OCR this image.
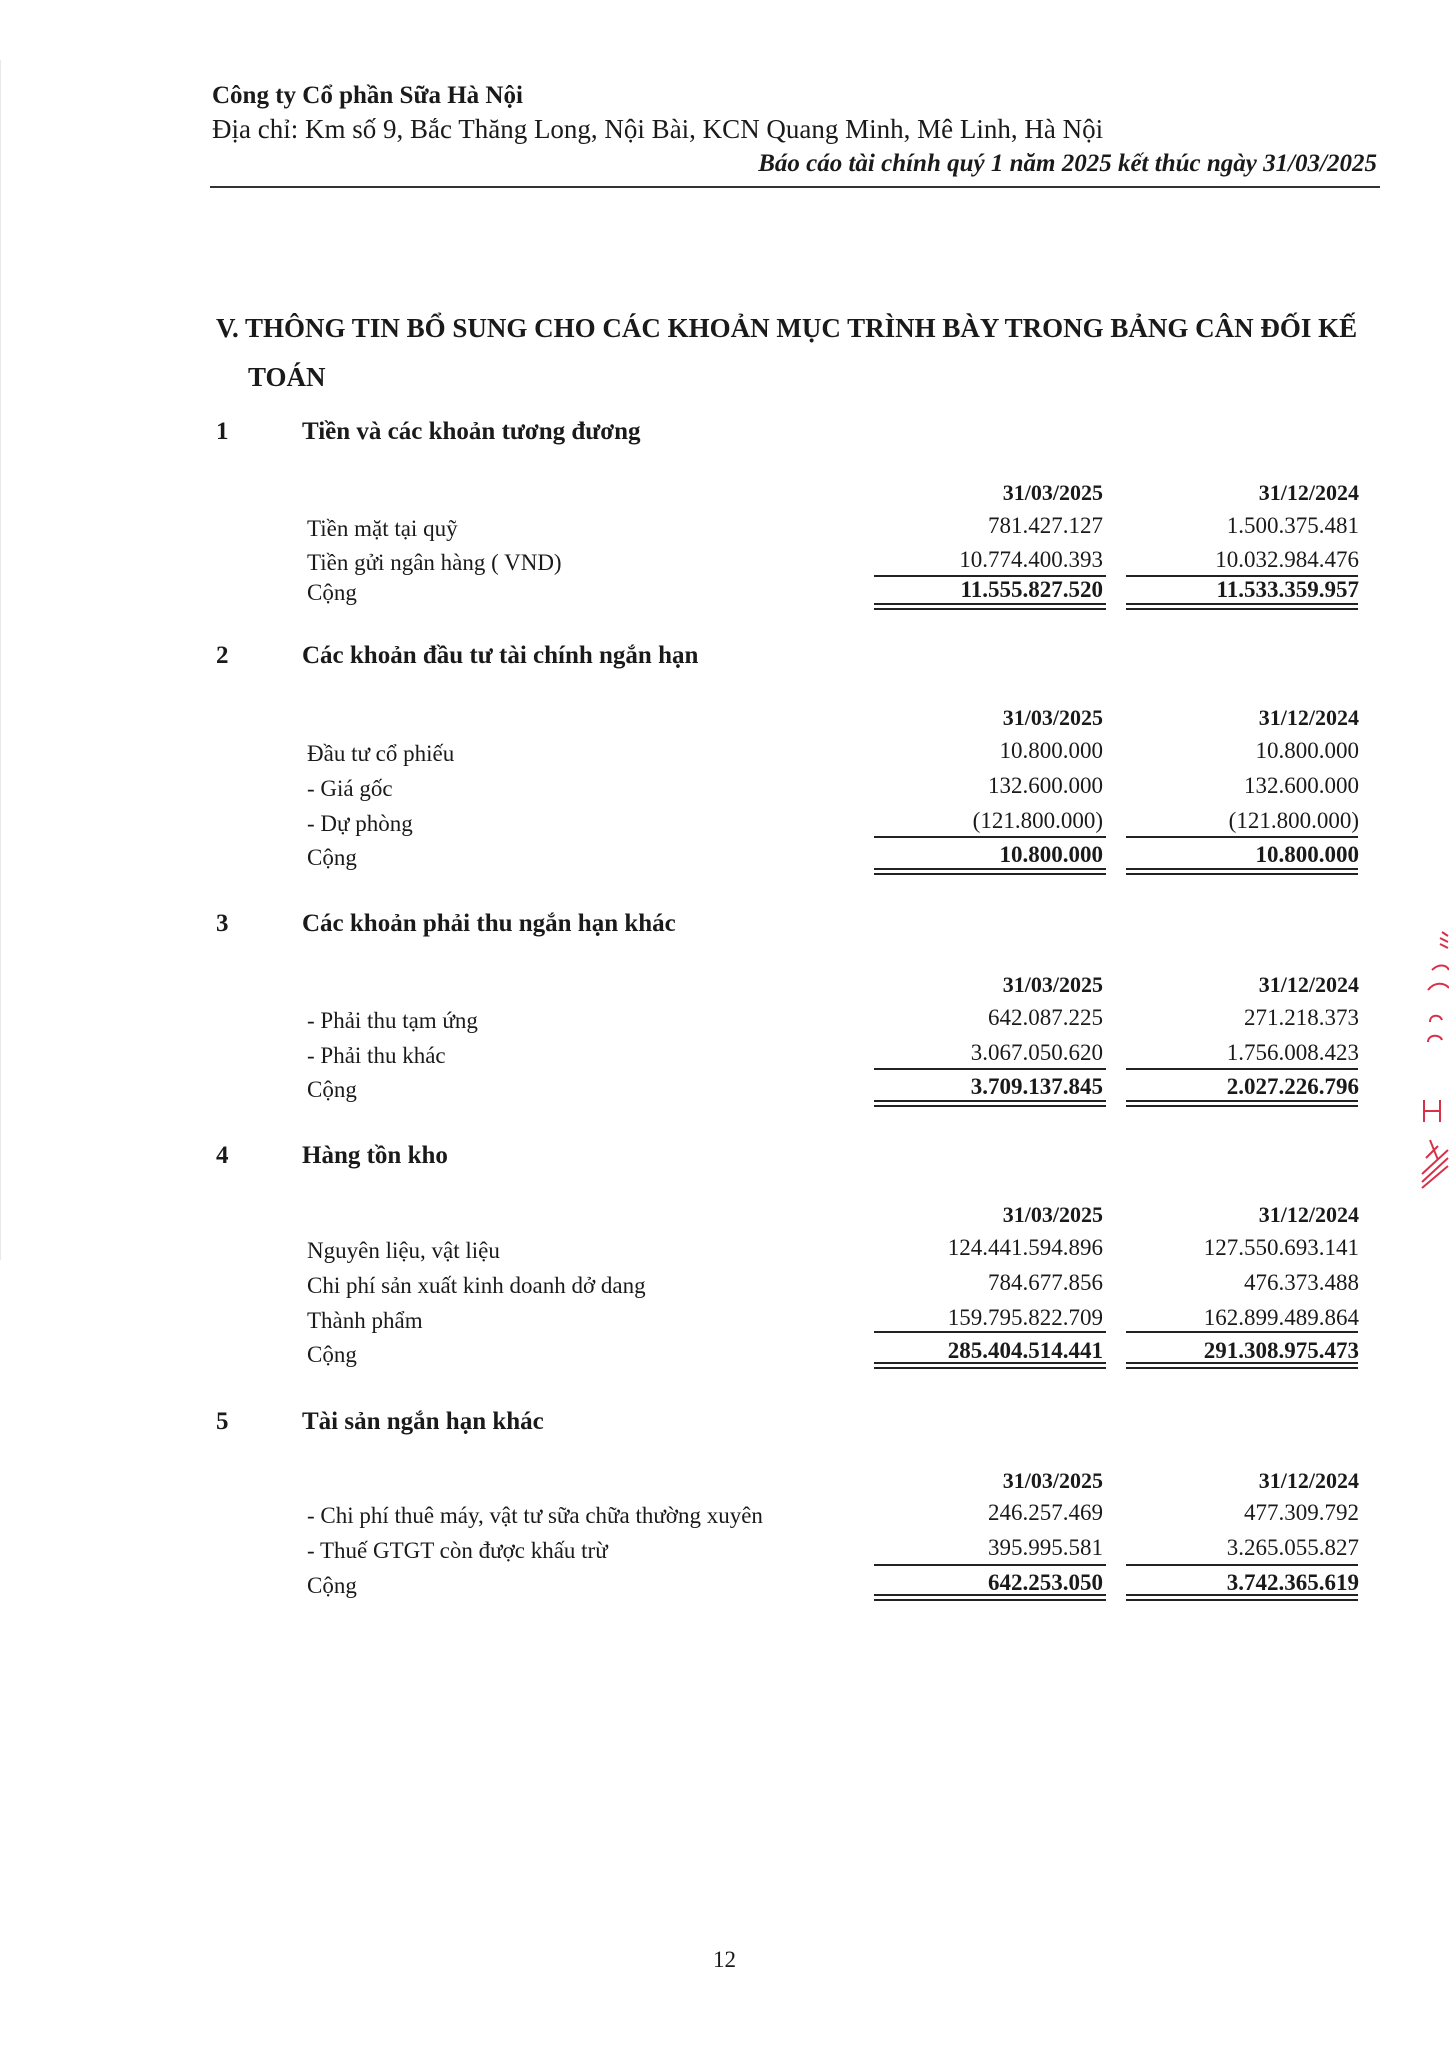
Công ty Cổ phần Sữa Hà Nội
Địa chỉ: Km số 9, Bắc Thăng Long, Nội Bài, KCN Quang Minh, Mê Linh, Hà Nội
Báo cáo tài chính quý 1 năm 2025 kết thúc ngày 31/03/2025
V. THÔNG TIN BỔ SUNG CHO CÁC KHOẢN MỤC TRÌNH BÀY TRONG BẢNG CÂN ĐỐI KẾ
TOÁN
1	Tiền và các khoản tương đương
31/03/2025	31/12/2024
Tiền mặt tại quỹ	781.427.127	1.500.375.481
Tiền gửi ngân hàng ( VND)	10.774.400.393	10.032.984.476
Cộng	11.555.827.520	11.533.359.957
2	Các khoản đầu tư tài chính ngắn hạn
31/03/2025	31/12/2024
Đầu tư cổ phiếu	10.800.000	10.800.000
- Giá gốc	132.600.000	132.600.000
- Dự phòng	(121.800.000)	(121.800.000)
Cộng	10.800.000	10.800.000
3	Các khoản phải thu ngắn hạn khác
31/03/2025	31/12/2024
- Phải thu tạm ứng	642.087.225	271.218.373
- Phải thu khác	3.067.050.620	1.756.008.423
Cộng	3.709.137.845	2.027.226.796
4	Hàng tồn kho
31/03/2025	31/12/2024
Nguyên liệu, vật liệu	124.441.594.896	127.550.693.141
Chi phí sản xuất kinh doanh dở dang	784.677.856	476.373.488
Thành phẩm	159.795.822.709	162.899.489.864
Cộng	285.404.514.441	291.308.975.473
5	Tài sản ngắn hạn khác
31/03/2025	31/12/2024
- Chi phí thuê máy, vật tư sữa chữa thường xuyên	246.257.469	477.309.792
- Thuế GTGT còn được khấu trừ	395.995.581	3.265.055.827
Cộng	642.253.050	3.742.365.619
12
